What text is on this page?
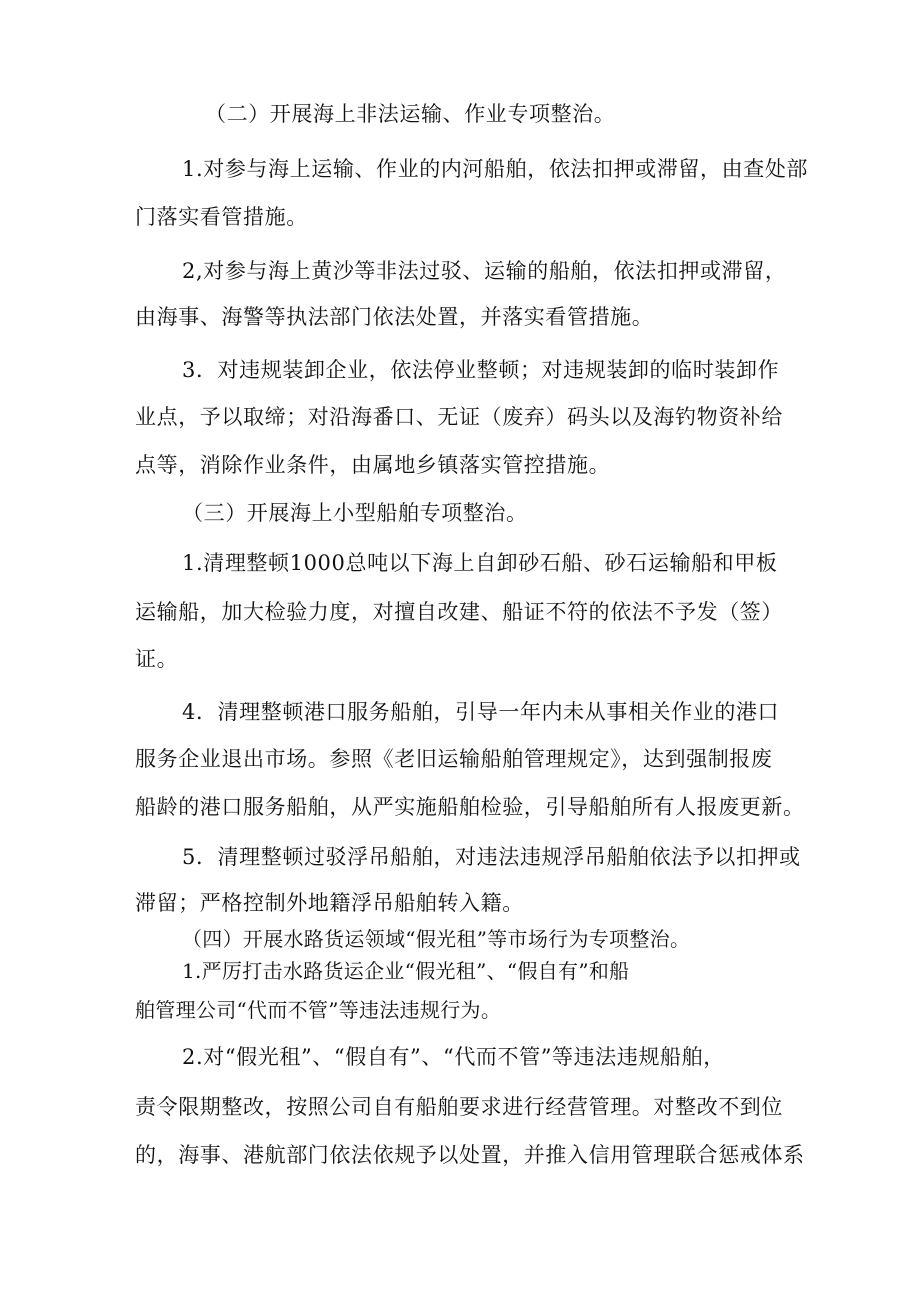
（二）开展海上非法运输、作业专项整治。
1.对参与海上运输、作业的内河船舶，依法扣押或滞留，由查处部
门落实看管措施。
2,对参与海上黄沙等非法过驳、运输的船舶，依法扣押或滞留，
由海事、海警等执法部门依法处置，并落实看管措施。
3．对违规装卸企业，依法停业整顿；对违规装卸的临时装卸作
业点，予以取缔；对沿海番口、无证（废弃）码头以及海钓物资补给
点等，消除作业条件，由属地乡镇落实管控措施。
（三）开展海上小型船舶专项整治。
1.清理整顿1000总吨以下海上自卸砂石船、砂石运输船和甲板
运输船，加大检验力度，对擅自改建、船证不符的依法不予发（签）
证。
4．清理整顿港口服务船舶，引导一年内未从事相关作业的港口
服务企业退出市场。参照《老旧运输船舶管理规定》，达到强制报废
船龄的港口服务船舶，从严实施船舶检验，引导船舶所有人报废更新。
5．清理整顿过驳浮吊船舶，对违法违规浮吊船舶依法予以扣押或
滞留；严格控制外地籍浮吊船舶转入籍。
（四）开展水路货运领域“假光租”等市场行为专项整治。
1.严厉打击水路货运企业“假光租”、“假自有”和船
舶管理公司“代而不管”等违法违规行为。
2.对“假光租”、“假自有”、“代而不管”等违法违规船舶，
责令限期整改，按照公司自有船舶要求进行经营管理。对整改不到位
的，海事、港航部门依法依规予以处置，并推入信用管理联合惩戒体系
